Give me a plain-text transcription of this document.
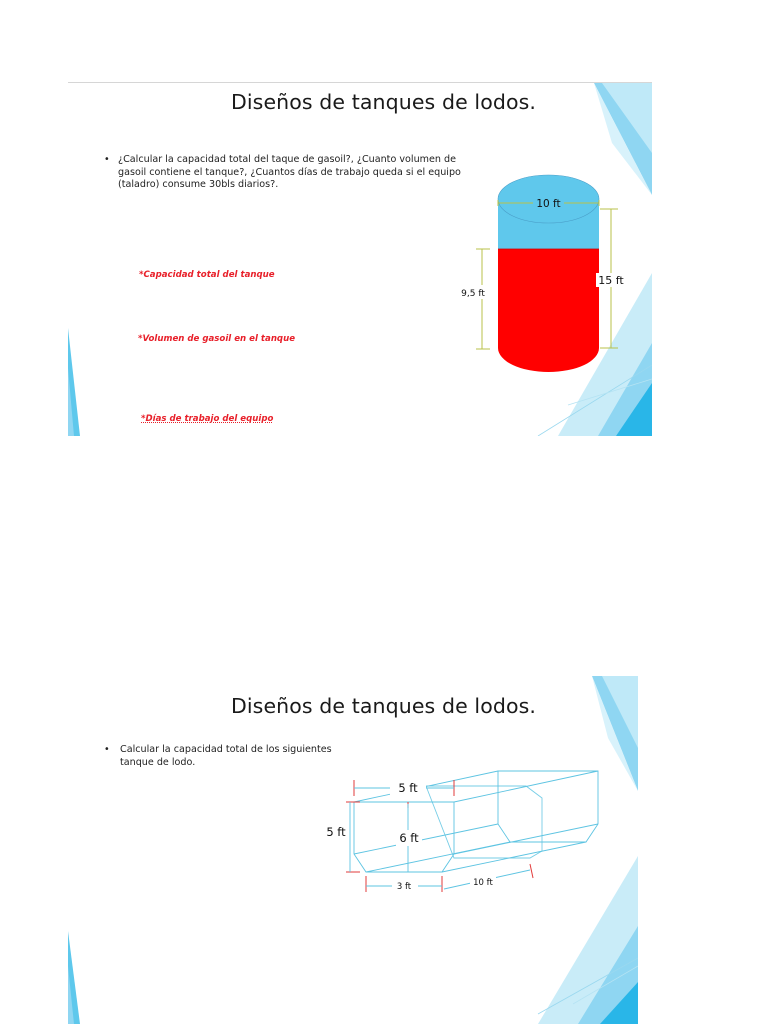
Diseños de tanques de lodos.
• ¿Calcular la capacidad total del taque de gasoil?, ¿Cuanto volumen de
gasoil contiene el tanque?, ¿Cuantos días de trabajo queda si el equipo
(taladro) consume 30bls diarios?.
*Capacidad total del tanque
*Volumen de gasoil en el tanque
*Días de trabajo del equipo
10 ft
15 ft
9,5 ft
Diseños de tanques de lodos.
• Calcular la capacidad total de los siguientes
tanque de lodo.
5 ft
5 ft	6 ft
3 ft	10 ft
